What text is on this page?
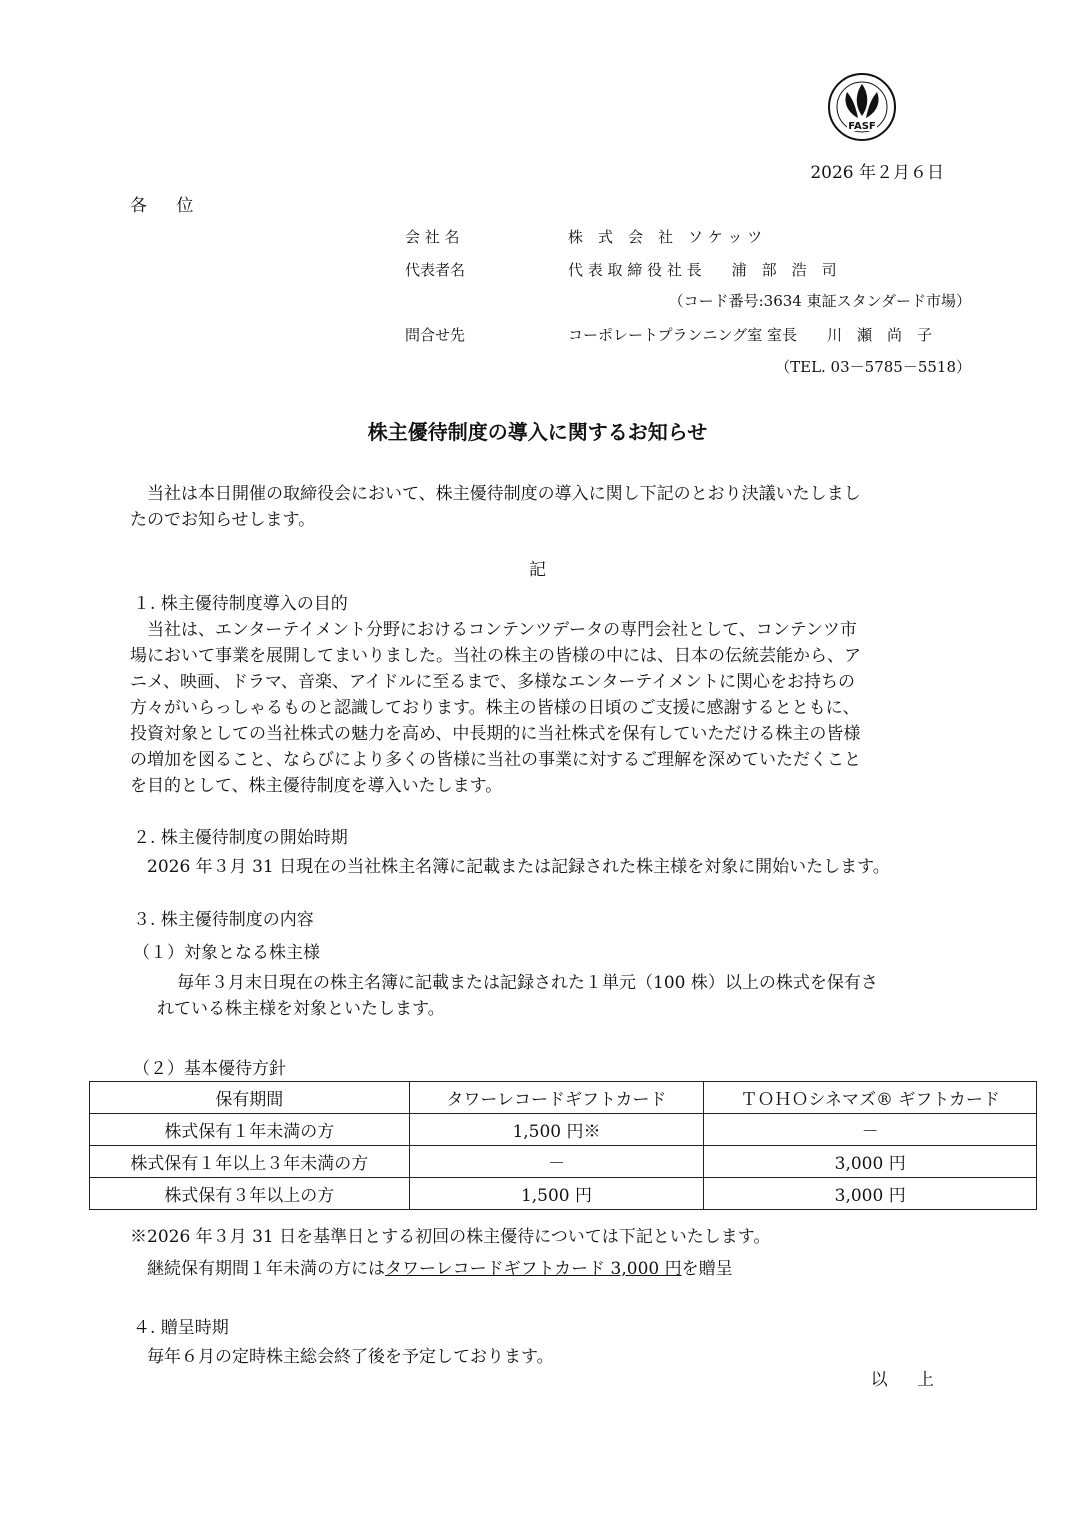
FASF
2026 年２月６日
各 位
会 社 名	株　式　会　社　ソ ケ ッ ツ
代表者名	代 表 取 締 役 社 長　　浦　部　浩　司
（コード番号:3634 東証スタンダード市場）
問合せ先	コーポレートプランニング室 室長　　川　瀬　尚　子
（TEL. 03－5785－5518）
株主優待制度の導入に関するお知らせ
当社は本日開催の取締役会において、株主優待制度の導入に関し下記のとおり決議いたしまし
たのでお知らせします。
記
１. 株主優待制度導入の目的
当社は、エンターテイメント分野におけるコンテンツデータの専門会社として、コンテンツ市
場において事業を展開してまいりました。当社の株主の皆様の中には、日本の伝統芸能から、ア
ニメ、映画、ドラマ、音楽、アイドルに至るまで、多様なエンターテイメントに関心をお持ちの
方々がいらっしゃるものと認識しております。株主の皆様の日頃のご支援に感謝するとともに、
投資対象としての当社株式の魅力を高め、中長期的に当社株式を保有していただける株主の皆様
の増加を図ること、ならびにより多くの皆様に当社の事業に対するご理解を深めていただくこと
を目的として、株主優待制度を導入いたします。
２. 株主優待制度の開始時期
2026 年３月 31 日現在の当社株主名簿に記載または記録された株主様を対象に開始いたします。
３. 株主優待制度の内容
（１）対象となる株主様
毎年３月末日現在の株主名簿に記載または記録された１単元（100 株）以上の株式を保有さ
れている株主様を対象といたします。
（２）基本優待方針
保有期間	タワーレコードギフトカード	ＴＯＨＯシネマズ® ギフトカード
株式保有１年未満の方	1,500 円※	－
株式保有１年以上３年未満の方	－	3,000 円
株式保有３年以上の方	1,500 円	3,000 円
※2026 年３月 31 日を基準日とする初回の株主優待については下記といたします。
継続保有期間１年未満の方にはタワーレコードギフトカード 3,000 円を贈呈
４. 贈呈時期
毎年６月の定時株主総会終了後を予定しております。
以 上
